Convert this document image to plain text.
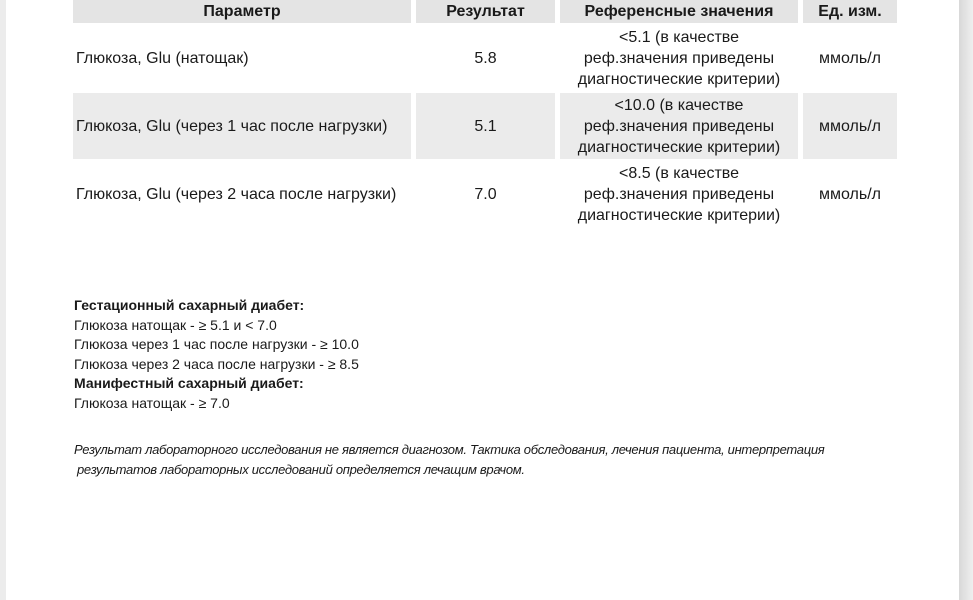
Параметр	Результат	Референсные значения	Ед. изм.
Глюкоза, Glu (натощак)	5.8	<5.1 (в качестве
реф.значения приведены
диагностические критерии)	ммоль/л
Глюкоза, Glu (через 1 час после нагрузки)	5.1	<10.0 (в качестве
реф.значения приведены
диагностические критерии)	ммоль/л
Глюкоза, Glu (через 2 часа после нагрузки)	7.0	<8.5 (в качестве
реф.значения приведены
диагностические критерии)	ммоль/л
Гестационный сахарный диабет:
Глюкоза натощак - ≥ 5.1 и < 7.0
Глюкоза через 1 час после нагрузки - ≥ 10.0
Глюкоза через 2 часа после нагрузки - ≥ 8.5
Манифестный сахарный диабет:
Глюкоза натощак - ≥ 7.0
Результат лабораторного исследования не является диагнозом. Тактика обследования, лечения пациента, интерпретация
результатов лабораторных исследований определяется лечащим врачом.
